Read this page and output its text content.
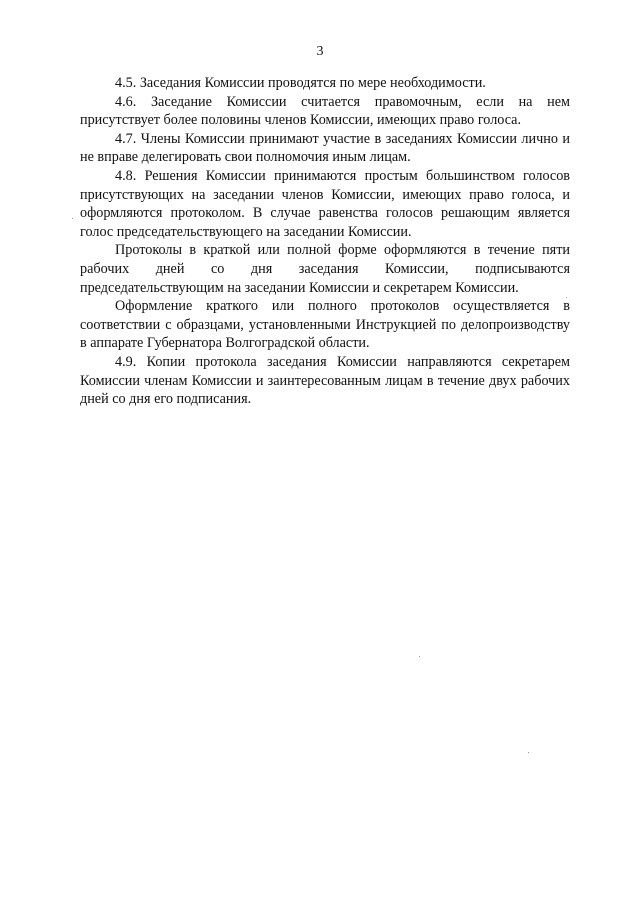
3

4.5. Заседания Комиссии проводятся по мере необходимости.

4.6. Заседание Комиссии считается правомочным, если на нем присутствует более половины членов Комиссии, имеющих право голоса.

4.7. Члены Комиссии принимают участие в заседаниях Комиссии лично и не вправе делегировать свои полномочия иным лицам.

4.8. Решения Комиссии принимаются простым большинством голосов присутствующих на заседании членов Комиссии, имеющих право голоса, и оформляются протоколом. В случае равенства голосов решающим является голос председательствующего на заседании Комиссии.

Протоколы в краткой или полной форме оформляются в течение пяти рабочих дней со дня заседания Комиссии, подписываются председательствующим на заседании Комиссии и секретарем Комиссии.

Оформление краткого или полного протоколов осуществляется в соответствии с образцами, установленными Инструкцией по делопроизводству в аппарате Губернатора Волгоградской области.

4.9. Копии протокола заседания Комиссии направляются секретарем Комиссии членам Комиссии и заинтересованным лицам в течение двух рабочих дней со дня его подписания.
